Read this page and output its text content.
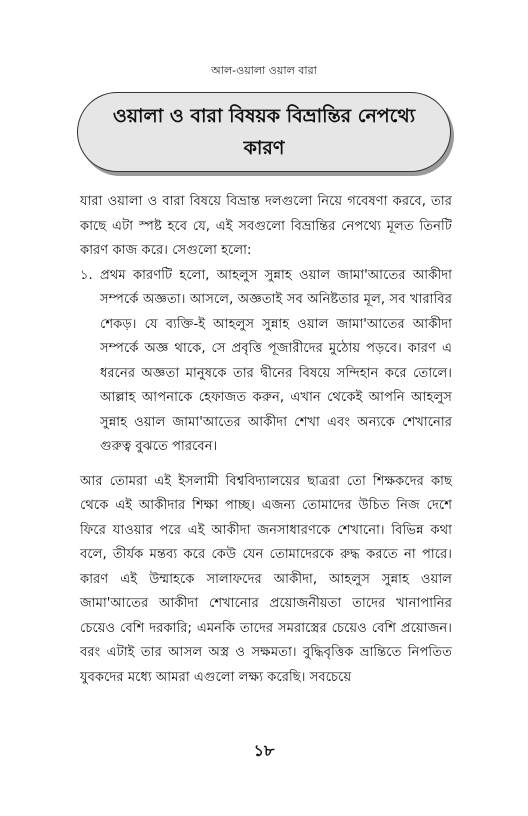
আল-ওয়ালা ওয়াল বারা
ওয়ালা ও বারা বিষয়ক বিভ্রান্তির নেপথ্যে কারণ

যারা ওয়ালা ও বারা বিষয়ে বিভ্রান্ত দলগুলো নিয়ে গবেষণা করবে, তার কাছে এটা স্পষ্ট হবে যে, এই সবগুলো বিভ্রান্তির নেপথ্যে মূলত তিনটি কারণ কাজ করে। সেগুলো হলো:

১. প্রথম কারণটি হলো, আহলুস সুন্নাহ ওয়াল জামা'আতের আকীদা সম্পর্কে অজ্ঞতা। আসলে, অজ্ঞতাই সব অনিষ্টতার মূল, সব খারাবির শেকড়। যে ব্যক্তি-ই আহলুস সুন্নাহ ওয়াল জামা'আতের আকীদা সম্পর্কে অজ্ঞ থাকে, সে প্রবৃত্তি পূজারীদের মুঠোয় পড়বে। কারণ এ ধরনের অজ্ঞতা মানুষকে তার দ্বীনের বিষয়ে সন্দিহান করে তোলে। আল্লাহ আপনাকে হেফাজত করুন, এখান থেকেই আপনি আহলুস সুন্নাহ ওয়াল জামা'আতের আকীদা শেখা এবং অন্যকে শেখানোর গুরুত্ব বুঝতে পারবেন।

আর তোমরা এই ইসলামী বিশ্ববিদ্যালয়ের ছাত্ররা তো শিক্ষকদের কাছ থেকে এই আকীদার শিক্ষা পাচ্ছ। এজন্য তোমাদের উচিত নিজ দেশে ফিরে যাওয়ার পরে এই আকীদা জনসাধারণকে শেখানো। বিভিন্ন কথা বলে, তীর্যক মন্তব্য করে কেউ যেন তোমাদেরকে রুদ্ধ করতে না পারে। কারণ এই উম্মাহকে সালাফদের আকীদা, আহলুস সুন্নাহ ওয়াল জামা'আতের আকীদা শেখানোর প্রয়োজনীয়তা তাদের খানাপানির চেয়েও বেশি দরকারি; এমনকি তাদের সমরাস্ত্রের চেয়েও বেশি প্রয়োজন। বরং এটাই তার আসল অস্ত্র ও সক্ষমতা। বুদ্ধিবৃত্তিক ভ্রান্তিতে নিপতিত যুবকদের মধ্যে আমরা এগুলো লক্ষ্য করেছি। সবচেয়ে

১৮
